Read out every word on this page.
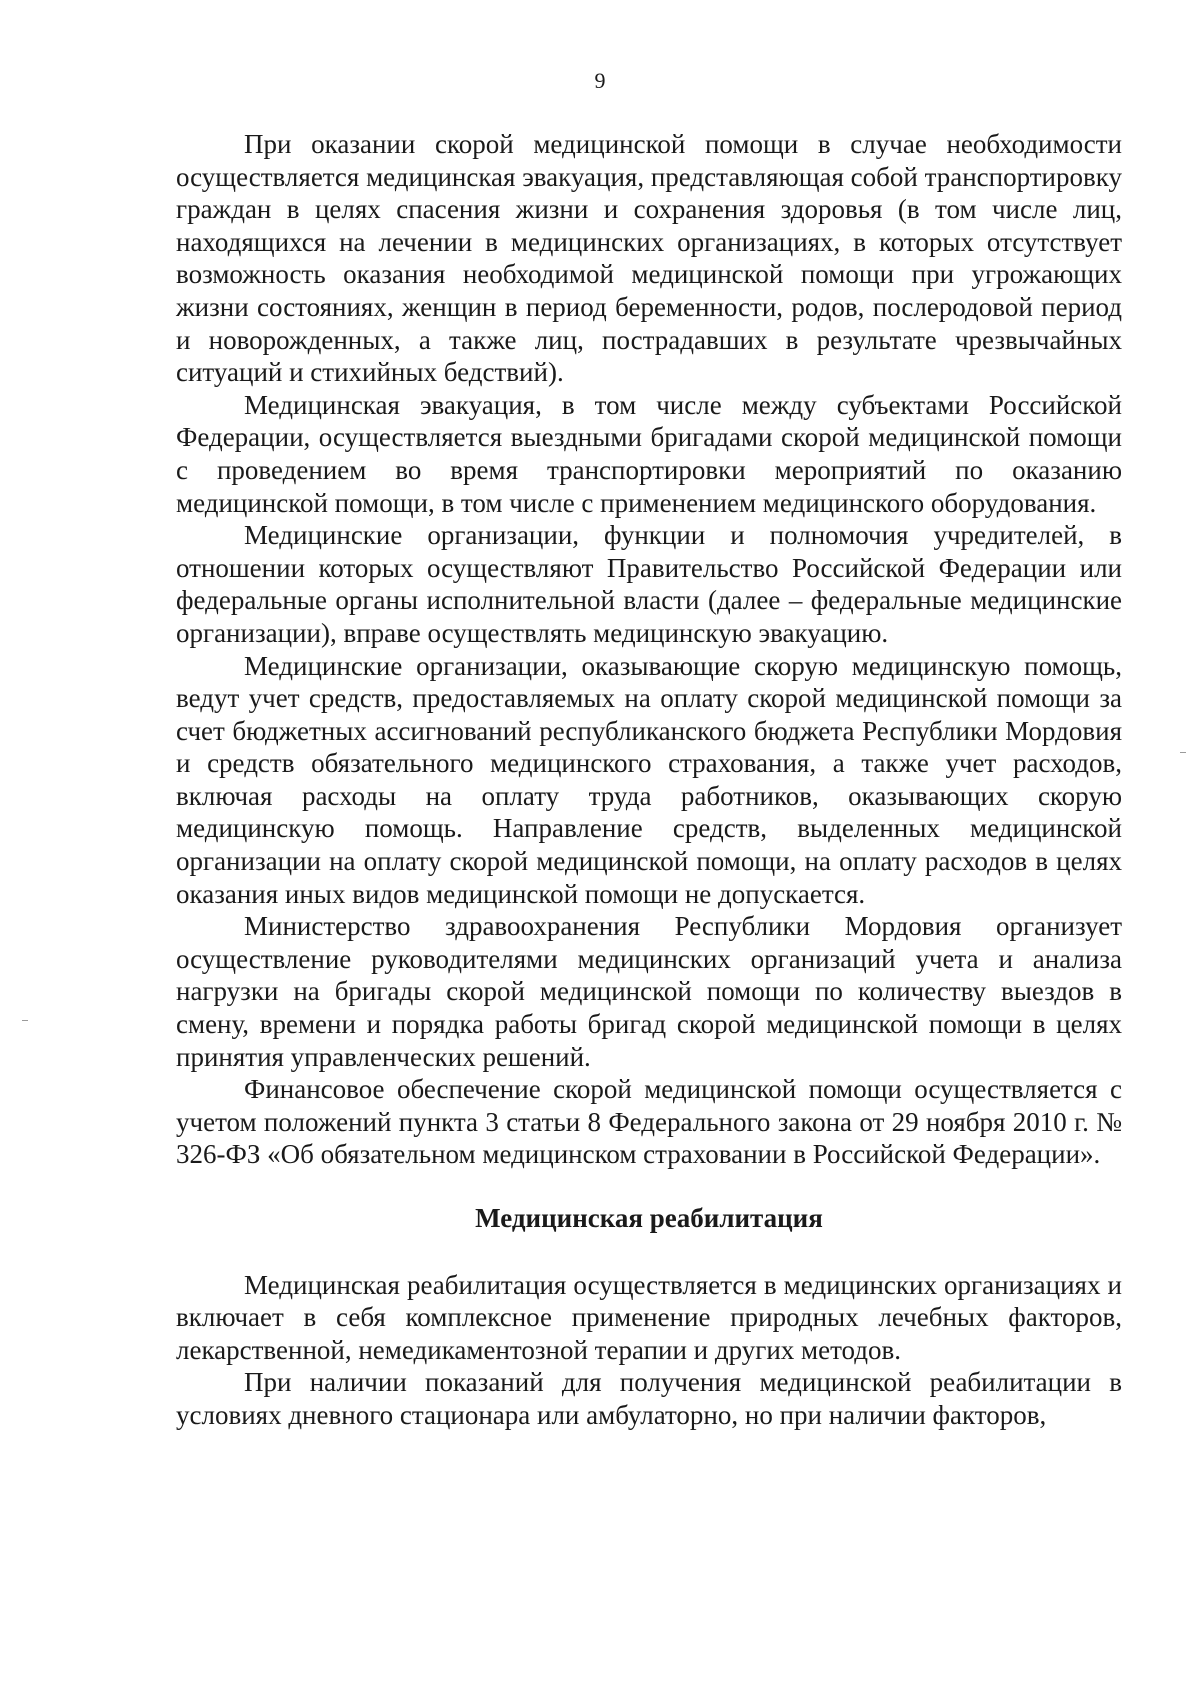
9

При оказании скорой медицинской помощи в случае необходимости осуществляется медицинская эвакуация, представляющая собой транспортировку граждан в целях спасения жизни и сохранения здоровья (в том числе лиц, находящихся на лечении в медицинских организациях, в которых отсутствует возможность оказания необходимой медицинской помощи при угрожающих жизни состояниях, женщин в период беременности, родов, послеродовой период и новорожденных, а также лиц, пострадавших в результате чрезвычайных ситуаций и стихийных бедствий).

Медицинская эвакуация, в том числе между субъектами Российской Федерации, осуществляется выездными бригадами скорой медицинской помощи с проведением во время транспортировки мероприятий по оказанию медицинской помощи, в том числе с применением медицинского оборудования.

Медицинские организации, функции и полномочия учредителей, в отношении которых осуществляют Правительство Российской Федерации или федеральные органы исполнительной власти (далее – федеральные медицинские организации), вправе осуществлять медицинскую эвакуацию.

Медицинские организации, оказывающие скорую медицинскую помощь, ведут учет средств, предоставляемых на оплату скорой медицинской помощи за счет бюджетных ассигнований республиканского бюджета Республики Мордовия и средств обязательного медицинского страхования, а также учет расходов, включая расходы на оплату труда работников, оказывающих скорую медицинскую помощь. Направление средств, выделенных медицинской организации на оплату скорой медицинской помощи, на оплату расходов в целях оказания иных видов медицинской помощи не допускается.

Министерство здравоохранения Республики Мордовия организует осуществление руководителями медицинских организаций учета и анализа нагрузки на бригады скорой медицинской помощи по количеству выездов в смену, времени и порядка работы бригад скорой медицинской помощи в целях принятия управленческих решений.

Финансовое обеспечение скорой медицинской помощи осуществляется с учетом положений пункта 3 статьи 8 Федерального закона от 29 ноября 2010 г. № 326-ФЗ «Об обязательном медицинском страховании в Российской Федерации».

Медицинская реабилитация

Медицинская реабилитация осуществляется в медицинских организациях и включает в себя комплексное применение природных лечебных факторов, лекарственной, немедикаментозной терапии и других методов.

При наличии показаний для получения медицинской реабилитации в условиях дневного стационара или амбулаторно, но при наличии факторов,
